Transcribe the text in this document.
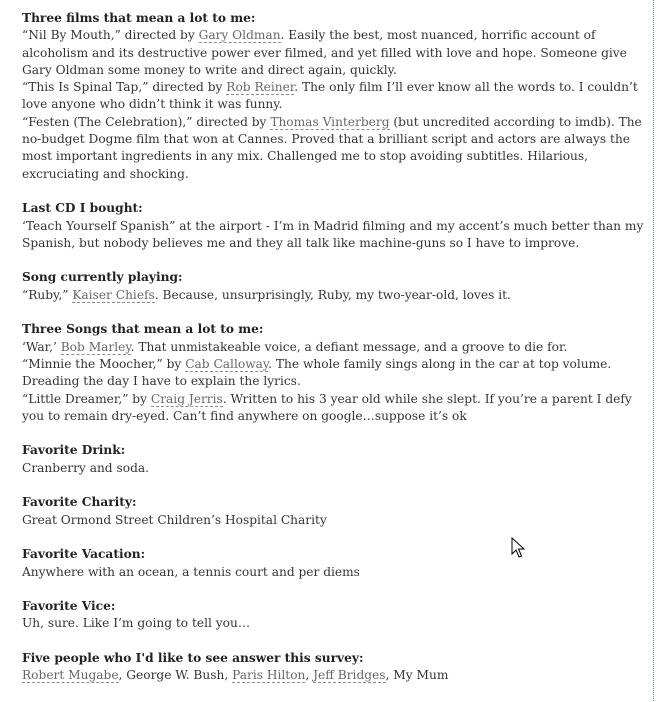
Three films that mean a lot to me:
“Nil By Mouth,” directed by Gary Oldman. Easily the best, most nuanced, horrific account of alcoholism and its destructive power ever filmed, and yet filled with love and hope. Someone give Gary Oldman some money to write and direct again, quickly.
“This Is Spinal Tap,” directed by Rob Reiner. The only film I’ll ever know all the words to. I couldn’t love anyone who didn’t think it was funny.
“Festen (The Celebration),” directed by Thomas Vinterberg (but uncredited according to imdb). The no-budget Dogme film that won at Cannes. Proved that a brilliant script and actors are always the most important ingredients in any mix. Challenged me to stop avoiding subtitles. Hilarious, excruciating and shocking.
Last CD I bought:
‘Teach Yourself Spanish” at the airport - I’m in Madrid filming and my accent’s much better than my Spanish, but nobody believes me and they all talk like machine-guns so I have to improve.
Song currently playing:
“Ruby,” Kaiser Chiefs. Because, unsurprisingly, Ruby, my two-year-old, loves it.
Three Songs that mean a lot to me:
‘War,’ Bob Marley. That unmistakeable voice, a defiant message, and a groove to die for.
“Minnie the Moocher,” by Cab Calloway. The whole family sings along in the car at top volume. Dreading the day I have to explain the lyrics.
“Little Dreamer,” by Craig Jerris. Written to his 3 year old while she slept. If you’re a parent I defy you to remain dry-eyed. Can’t find anywhere on google…suppose it’s ok
Favorite Drink:
Cranberry and soda.
Favorite Charity:
Great Ormond Street Children’s Hospital Charity
Favorite Vacation:
Anywhere with an ocean, a tennis court and per diems
Favorite Vice:
Uh, sure. Like I’m going to tell you…
Five people who I'd like to see answer this survey:
Robert Mugabe, George W. Bush, Paris Hilton, Jeff Bridges, My Mum
